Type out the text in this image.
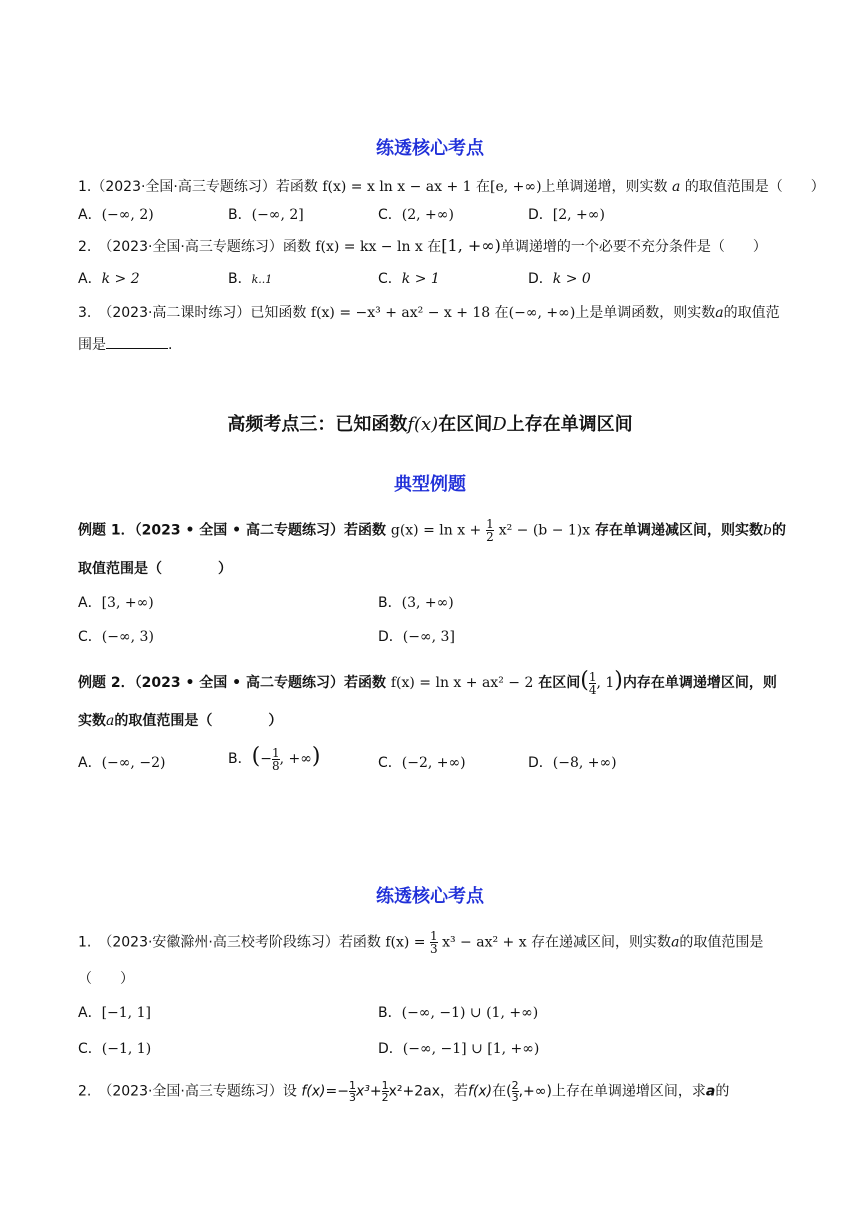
练透核心考点
1.（2023·全国·高三专题练习）若函数 f(x) = x ln x − ax + 1 在[e, +∞)上单调递增，则实数 a 的取值范围是（　　）
A．(−∞, 2)	B．(−∞, 2]	C．(2, +∞)	D．[2, +∞)
2.　（2023·全国·高三专题练习）函数 f(x) = kx − ln x 在[1, +∞)单调递增的一个必要不充分条件是（　　）
A．k > 2	B．k..1	C．k > 1	D．k > 0
3.　（2023·高二课时练习）已知函数 f(x) = −x³ + ax² − x + 18 在(−∞, +∞)上是单调函数，则实数a的取值范
围是	.
高频考点三：已知函数f(x)在区间D上存在单调区间
典型例题
例题 1．（2023 • 全国 • 高二专题练习）若函数 $g(x) = \ln x + \frac{1}{2} x^2 - (b - 1)x$ 存在单调递减区间，则实数b的
取值范围是（　　　　）
A．[3, +∞)	B．(3, +∞)
C．(−∞, 3)	D．(−∞, 3]
例题 2．（2023 • 全国 • 高二专题练习）若函数 f(x) = ln x + ax² − 2 在区间( $\frac{1}{4}$ , 1)内存在单调递增区间，则
实数a的取值范围是（　　　　）
A．(−∞, −2)	B．(− $\frac{1}{8}$ , +∞)	C．(−2, +∞)	D．(−8, +∞)
练透核心考点
1.　（2023·安徽滁州·高三校考阶段练习）若函数 $f(x) = \frac{1}{3} x^3 - ax^2 + x$ 存在递减区间，则实数a的取值范围是
（　　）
A．[−1, 1]	B．(−∞, −1) ∪ (1, +∞)
C．(−1, 1)	D．(−∞, −1] ∪ [1, +∞)
2.　（2023·全国·高三专题练习）设 $f(x)=- \frac{1}{3} x^3+ \frac{1}{2} x^2+2ax$，若f(x)在( $\frac{2}{3}$ ,+∞)上存在单调递增区间，求a的
